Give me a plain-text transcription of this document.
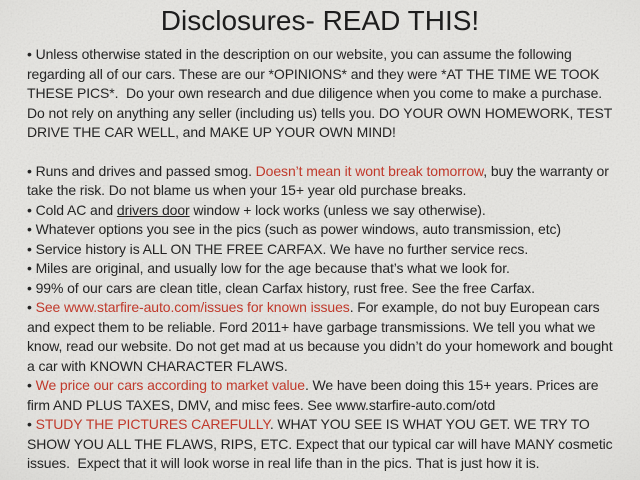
Disclosures- READ THIS!

• Unless otherwise stated in the description on our website, you can assume the following regarding all of our cars. These are our *OPINIONS* and they were *AT THE TIME WE TOOK THESE PICS*.  Do your own research and due diligence when you come to make a purchase. Do not rely on anything any seller (including us) tells you. DO YOUR OWN HOMEWORK, TEST DRIVE THE CAR WELL, and MAKE UP YOUR OWN MIND!

• Runs and drives and passed smog. Doesn’t mean it wont break tomorrow, buy the warranty or take the risk. Do not blame us when your 15+ year old purchase breaks.

• Cold AC and drivers door window + lock works (unless we say otherwise).

• Whatever options you see in the pics (such as power windows, auto transmission, etc)

• Service history is ALL ON THE FREE CARFAX. We have no further service recs.

• Miles are original, and usually low for the age because that’s what we look for.

• 99% of our cars are clean title, clean Carfax history, rust free. See the free Carfax.

• See www.starfire-auto.com/issues for known issues. For example, do not buy European cars and expect them to be reliable. Ford 2011+ have garbage transmissions. We tell you what we know, read our website. Do not get mad at us because you didn’t do your homework and bought a car with KNOWN CHARACTER FLAWS.

• We price our cars according to market value. We have been doing this 15+ years. Prices are firm AND PLUS TAXES, DMV, and misc fees. See www.starfire-auto.com/otd

• STUDY THE PICTURES CAREFULLY. WHAT YOU SEE IS WHAT YOU GET. WE TRY TO SHOW YOU ALL THE FLAWS, RIPS, ETC. Expect that our typical car will have MANY cosmetic issues.  Expect that it will look worse in real life than in the pics. That is just how it is.
